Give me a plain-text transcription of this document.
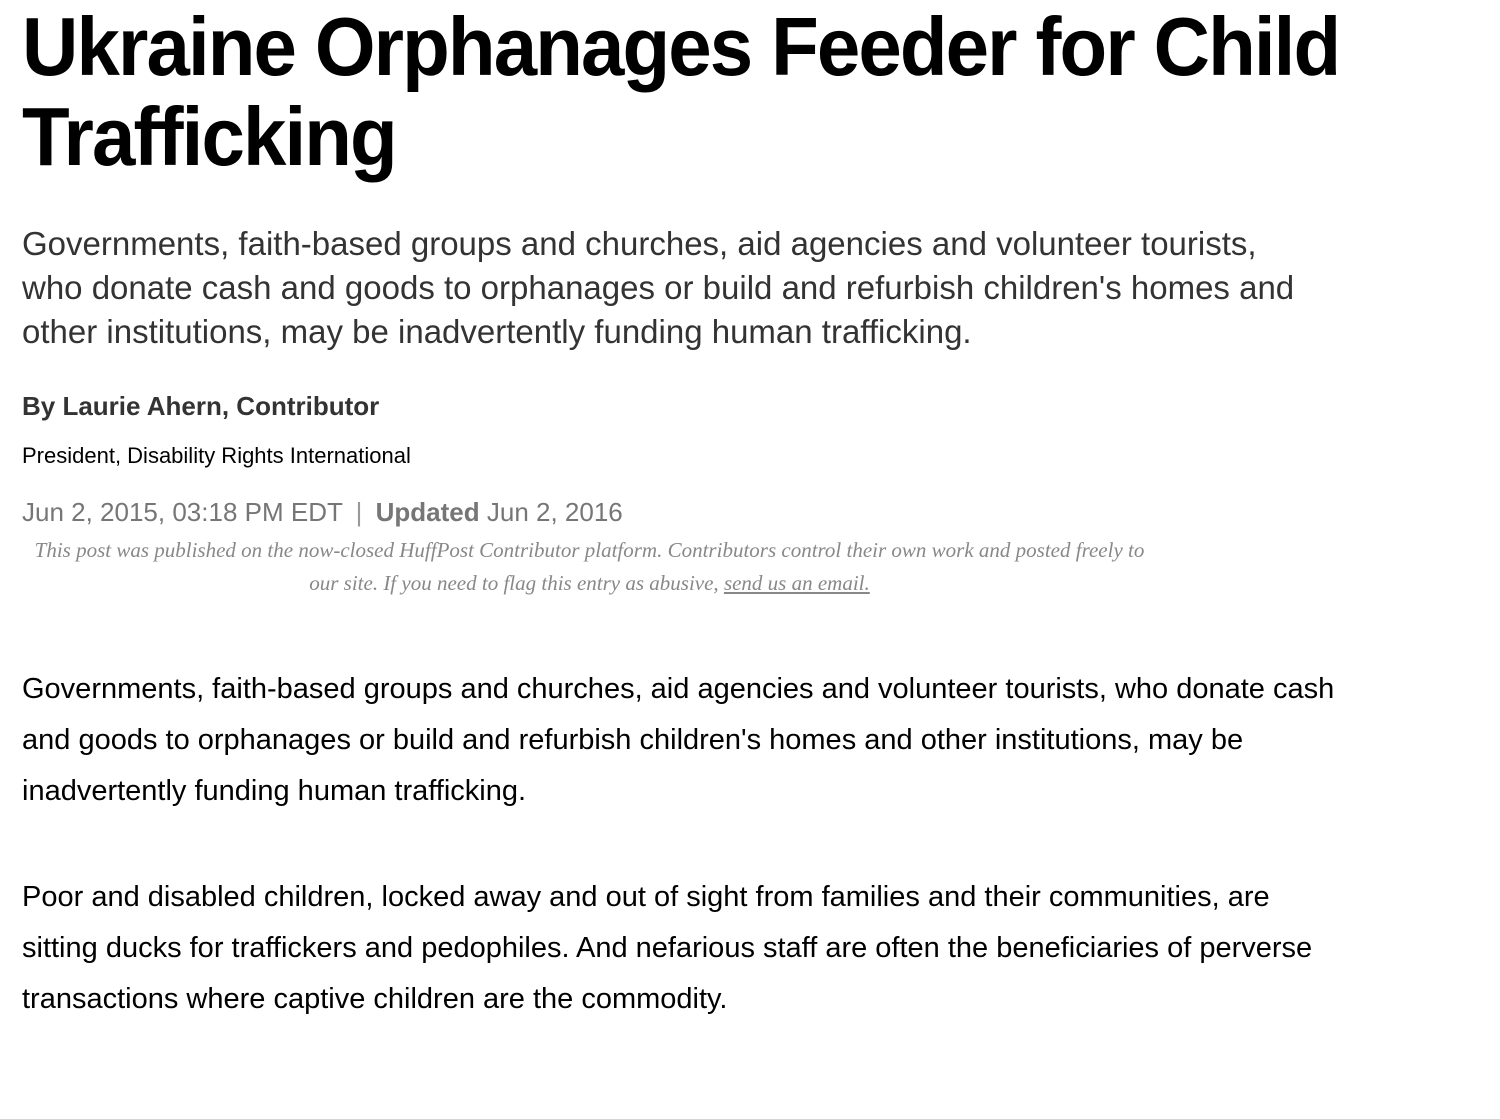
Ukraine Orphanages Feeder for Child Trafficking

Governments, faith-based groups and churches, aid agencies and volunteer tourists, who donate cash and goods to orphanages or build and refurbish children's homes and other institutions, may be inadvertently funding human trafficking.

By Laurie Ahern, Contributor
President, Disability Rights International
Jun 2, 2015, 03:18 PM EDT | Updated Jun 2, 2016

This post was published on the now-closed HuffPost Contributor platform. Contributors control their own work and posted freely to our site. If you need to flag this entry as abusive, send us an email.

Governments, faith-based groups and churches, aid agencies and volunteer tourists, who donate cash and goods to orphanages or build and refurbish children's homes and other institutions, may be inadvertently funding human trafficking.

Poor and disabled children, locked away and out of sight from families and their communities, are sitting ducks for traffickers and pedophiles. And nefarious staff are often the beneficiaries of perverse transactions where captive children are the commodity.
